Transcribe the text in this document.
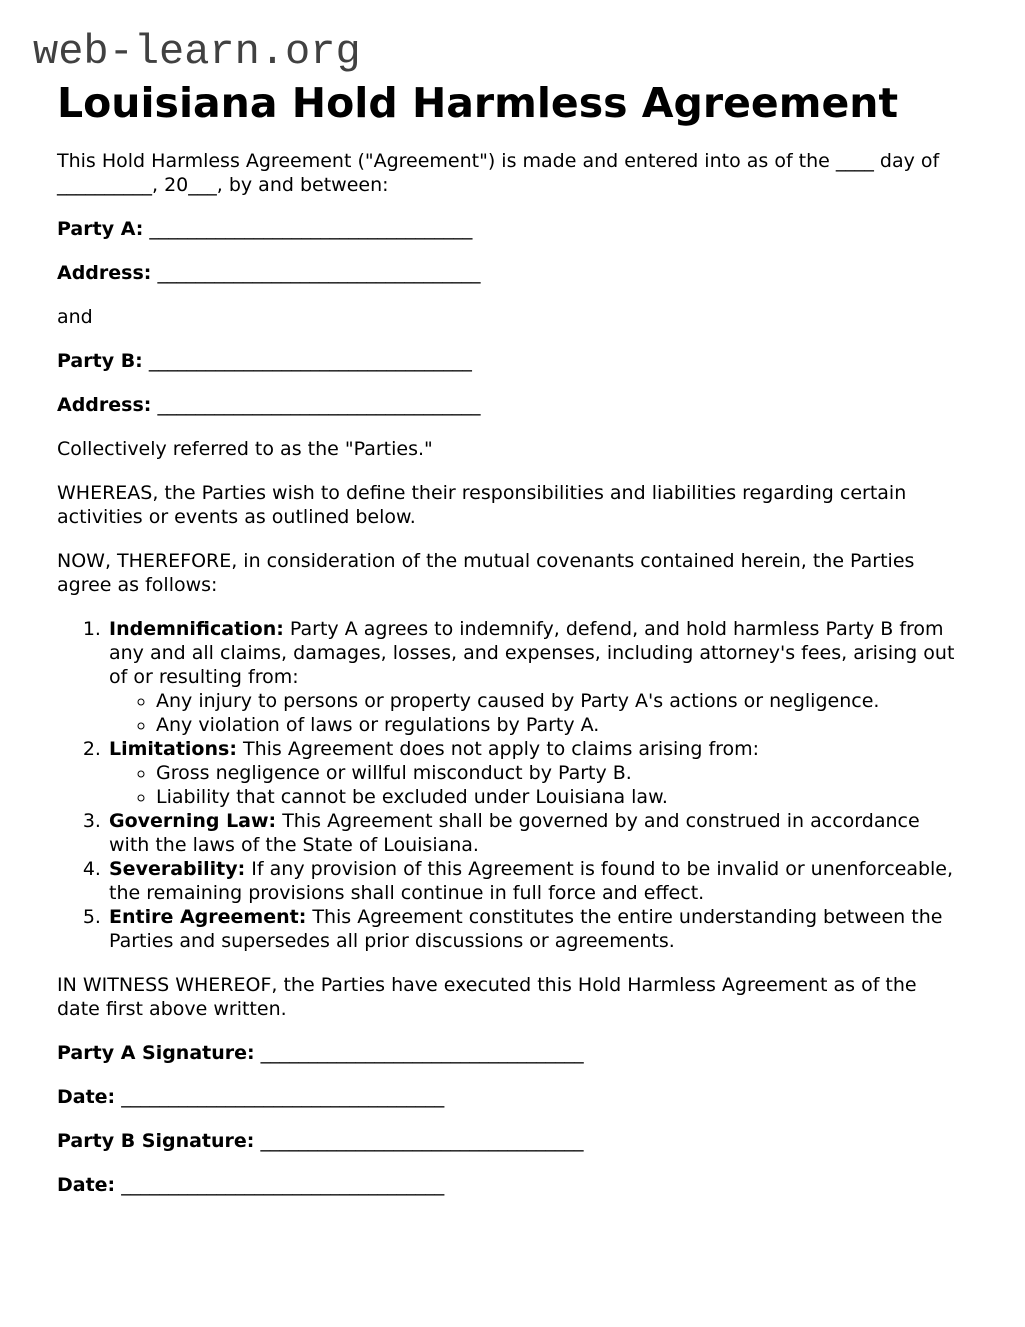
web-learn.org
Louisiana Hold Harmless Agreement

This Hold Harmless Agreement ("Agreement") is made and entered into as of the ____ day of __________, 20___, by and between:

Party A: __________________________________

Address: __________________________________

and

Party B: __________________________________

Address: __________________________________

Collectively referred to as the "Parties."

WHEREAS, the Parties wish to define their responsibilities and liabilities regarding certain activities or events as outlined below.

NOW, THEREFORE, in consideration of the mutual covenants contained herein, the Parties agree as follows:

1. Indemnification: Party A agrees to indemnify, defend, and hold harmless Party B from any and all claims, damages, losses, and expenses, including attorney's fees, arising out of or resulting from:
◦ Any injury to persons or property caused by Party A's actions or negligence.
◦ Any violation of laws or regulations by Party A.
2. Limitations: This Agreement does not apply to claims arising from:
◦ Gross negligence or willful misconduct by Party B.
◦ Liability that cannot be excluded under Louisiana law.
3. Governing Law: This Agreement shall be governed by and construed in accordance with the laws of the State of Louisiana.
4. Severability: If any provision of this Agreement is found to be invalid or unenforceable, the remaining provisions shall continue in full force and effect.
5. Entire Agreement: This Agreement constitutes the entire understanding between the Parties and supersedes all prior discussions or agreements.

IN WITNESS WHEREOF, the Parties have executed this Hold Harmless Agreement as of the date first above written.

Party A Signature: __________________________________

Date: __________________________________

Party B Signature: __________________________________

Date: __________________________________
